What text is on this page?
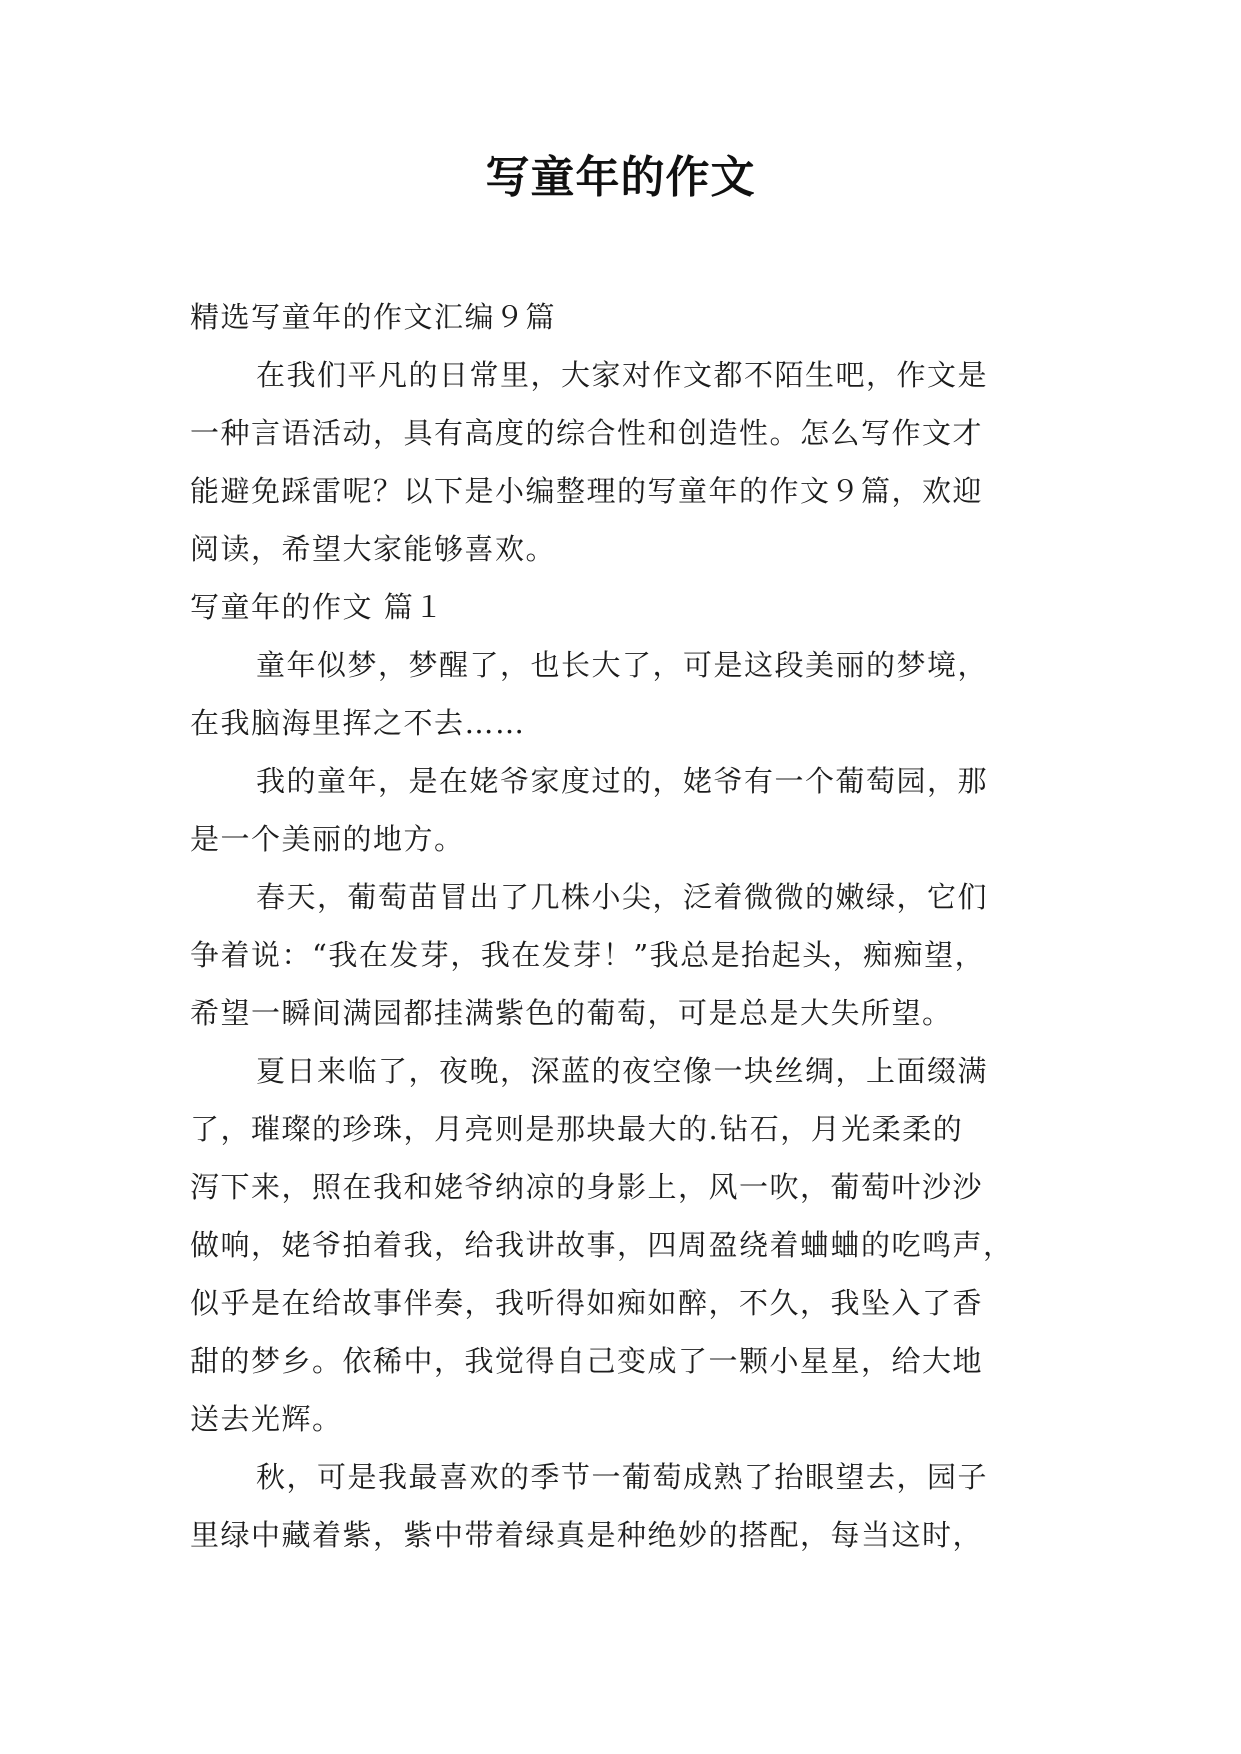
写童年的作文
精选写童年的作文汇编９篇
在我们平凡的日常里，大家对作文都不陌生吧，作文是
一种言语活动，具有高度的综合性和创造性。怎么写作文才
能避免踩雷呢？以下是小编整理的写童年的作文９篇，欢迎
阅读，希望大家能够喜欢。
写童年的作文 篇１
童年似梦，梦醒了，也长大了，可是这段美丽的梦境，
在我脑海里挥之不去……
我的童年，是在姥爷家度过的，姥爷有一个葡萄园，那
是一个美丽的地方。
春天，葡萄苗冒出了几株小尖，泛着微微的嫩绿，它们
争着说：“我在发芽，我在发芽！”我总是抬起头，痴痴望，
希望一瞬间满园都挂满紫色的葡萄，可是总是大失所望。
夏日来临了，夜晚，深蓝的夜空像一块丝绸，上面缀满
了，璀璨的珍珠，月亮则是那块最大的.钻石，月光柔柔的
泻下来，照在我和姥爷纳凉的身影上，风一吹，葡萄叶沙沙
做响，姥爷拍着我，给我讲故事，四周盈绕着蛐蛐的吃鸣声，
似乎是在给故事伴奏，我听得如痴如醉，不久，我坠入了香
甜的梦乡。依稀中，我觉得自己变成了一颗小星星，给大地
送去光辉。
秋，可是我最喜欢的季节一葡萄成熟了抬眼望去，园子
里绿中藏着紫，紫中带着绿真是种绝妙的搭配，每当这时，
